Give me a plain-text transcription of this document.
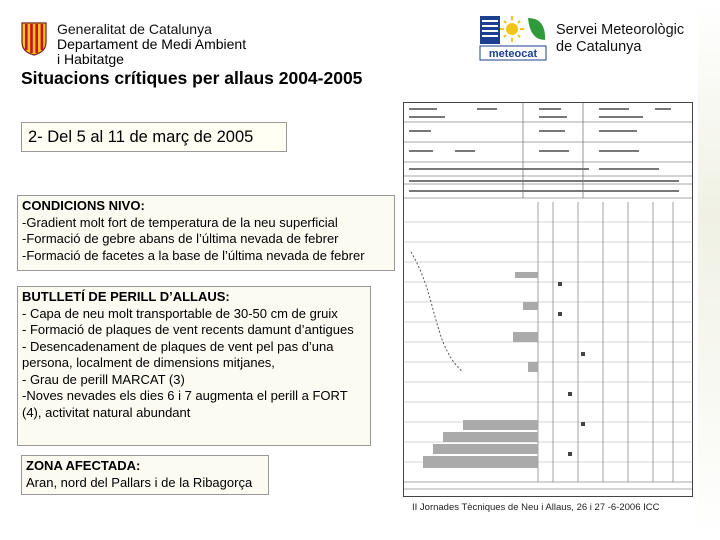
Generalitat de Catalunya
Departament de Medi Ambient
i Habitatge
Situacions crítiques per allaus 2004-2005
meteocat
Servei Meteorològic
de Catalunya
2- Del 5 al 11 de març de 2005
CONDICIONS NIVO:
-Gradient molt fort de temperatura de la neu superficial
-Formació de gebre abans de l’última nevada de febrer
-Formació de facetes a la base de l’última nevada de febrer
BUTLLETÍ DE PERILL D’ALLAUS:
- Capa de neu molt transportable de 30-50 cm de gruix
- Formació de plaques de vent recents damunt d’antigues
- Desencadenament de plaques de vent pel pas d’una persona, localment de dimensions mitjanes,
- Grau de perill MARCAT (3)
-Noves nevades els dies 6 i 7 augmenta el perill a FORT (4), activitat natural abundant
ZONA AFECTADA:
Aran, nord del Pallars i de la Ribagorça
II Jornades Tècniques de Neu i Allaus, 26 i 27 -6-2006 ICC
